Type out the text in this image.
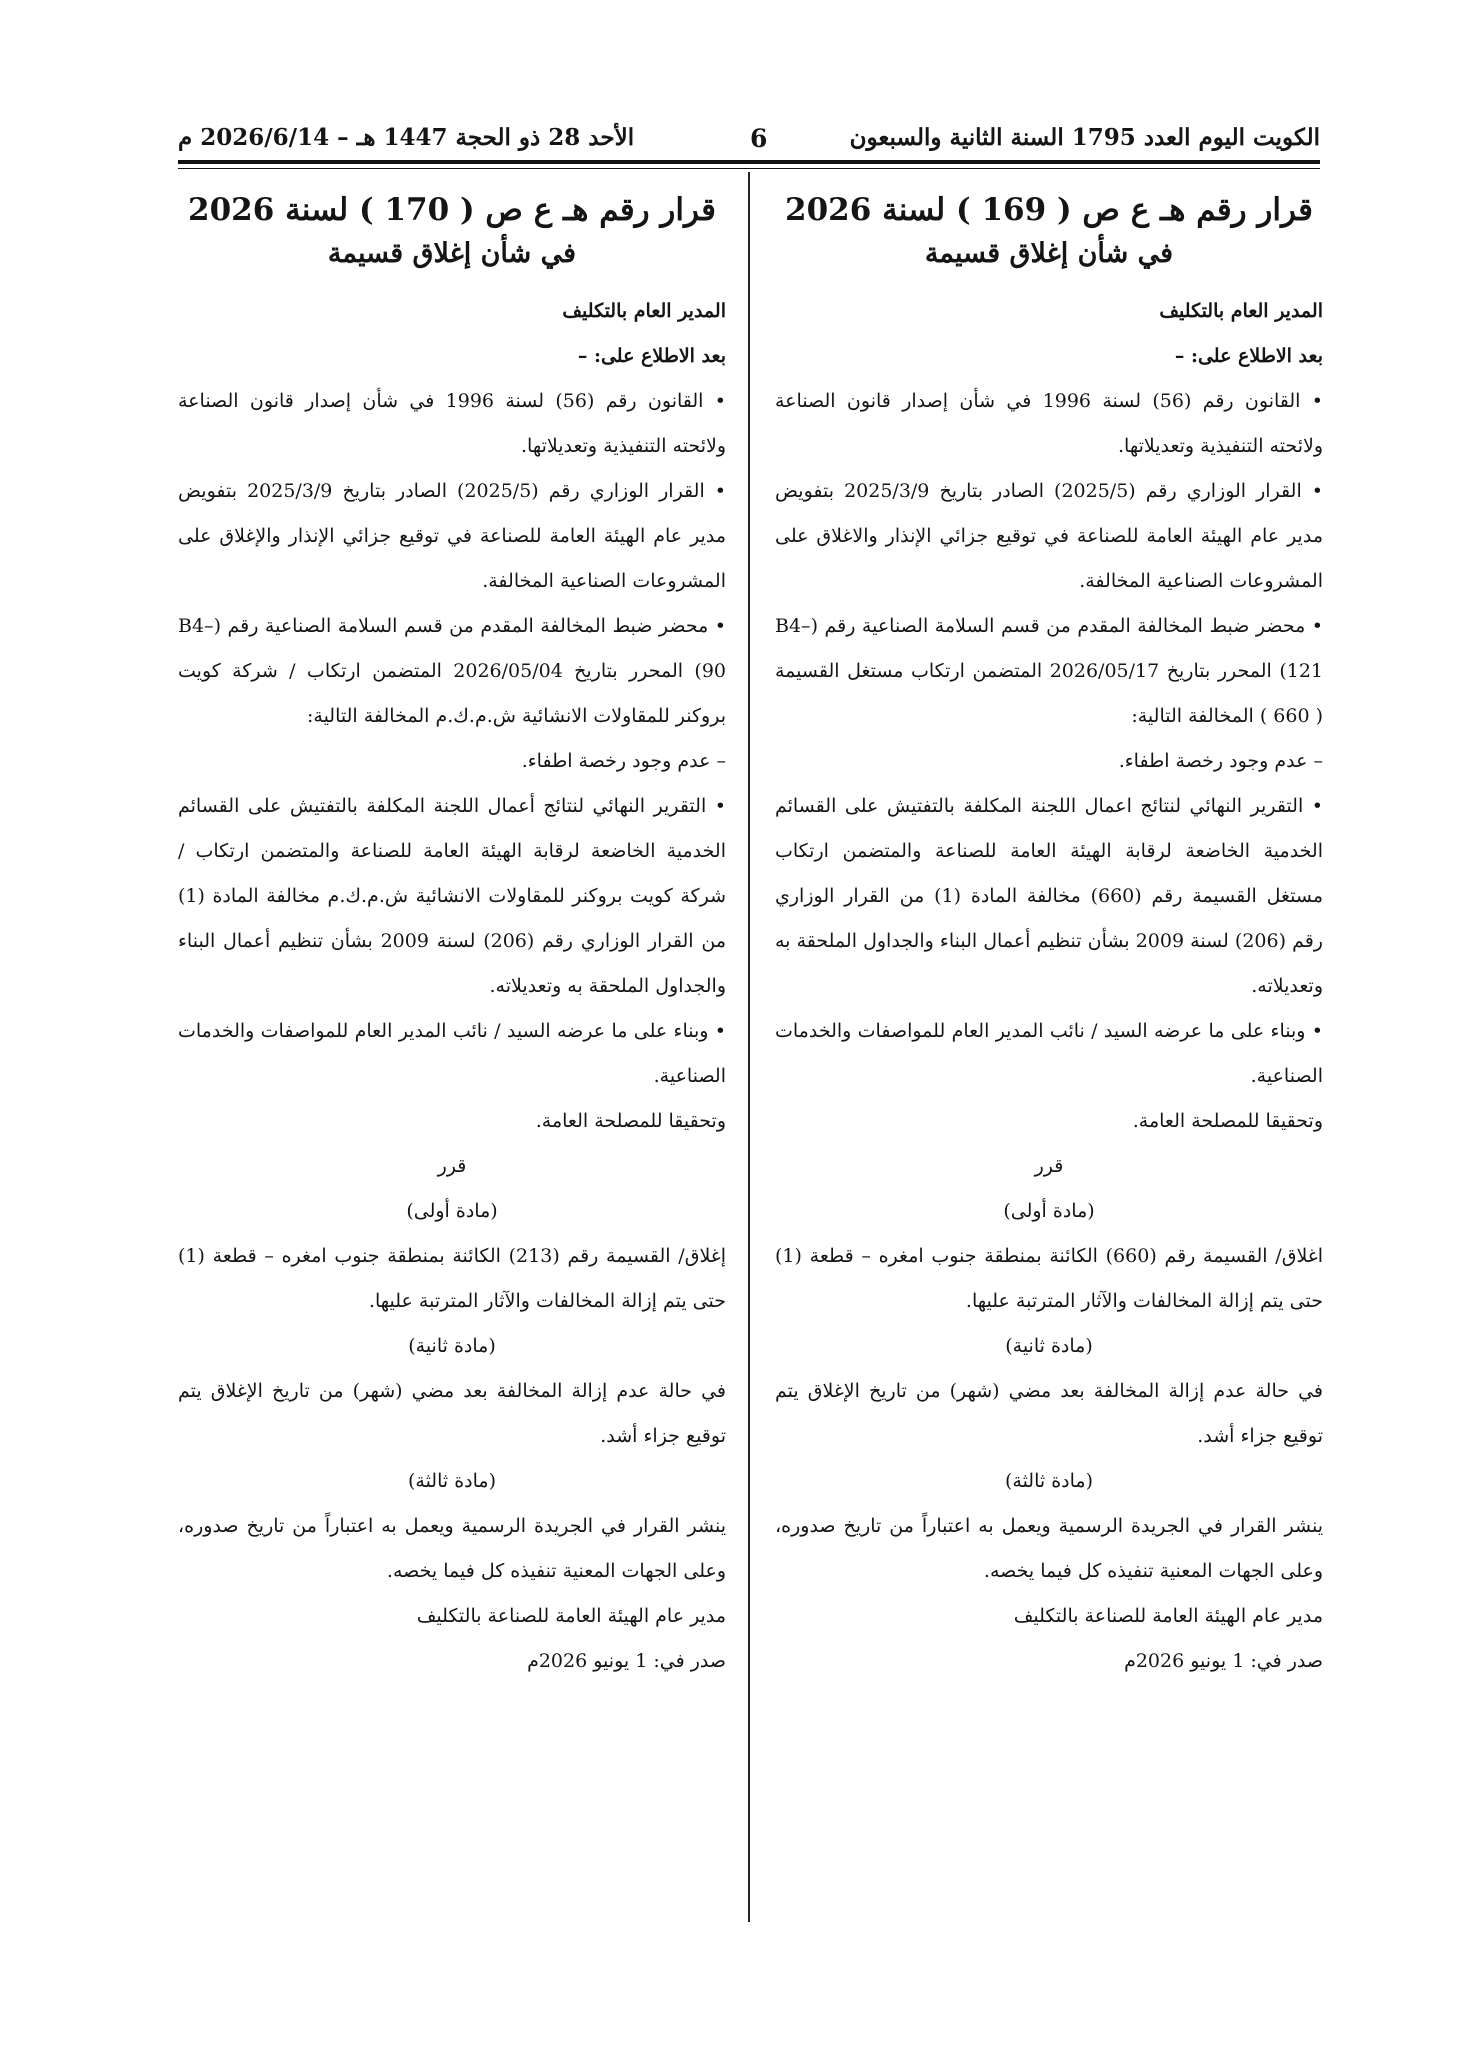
الكويت اليوم العدد 1795 السنة الثانية والسبعون
6
الأحد 28 ذو الحجة 1447 هـ – 2026/6/14 م
قرار رقم هـ ع ص ( 169 ) لسنة 2026
في شأن إغلاق قسيمة

المدير العام بالتكليف

بعد الاطلاع على: –

• القانون رقم (56) لسنة 1996 في شأن إصدار قانون الصناعة ولائحته التنفيذية وتعديلاتها.

• القرار الوزاري رقم (2025/5) الصادر بتاريخ 2025/3/9 بتفويض مدير عام الهيئة العامة للصناعة في توقيع جزائي الإنذار والاغلاق على المشروعات الصناعية المخالفة.

• محضر ضبط المخالفة المقدم من قسم السلامة الصناعية رقم (B4–121) المحرر بتاريخ 2026/05/17 المتضمن ارتكاب مستغل القسيمة ( 660 ) المخالفة التالية:

– عدم وجود رخصة اطفاء.

• التقرير النهائي لنتائج اعمال اللجنة المكلفة بالتفتيش على القسائم الخدمية الخاضعة لرقابة الهيئة العامة للصناعة والمتضمن ارتكاب مستغل القسيمة رقم (660) مخالفة المادة (1) من القرار الوزاري رقم (206) لسنة 2009 بشأن تنظيم أعمال البناء والجداول الملحقة به وتعديلاته.

• وبناء على ما عرضه السيد / نائب المدير العام للمواصفات والخدمات الصناعية.

وتحقيقا للمصلحة العامة.

قرر

(مادة أولى)

اغلاق/ القسيمة رقم (660) الكائنة بمنطقة جنوب امغره – قطعة (1) حتى يتم إزالة المخالفات والآثار المترتبة عليها.

(مادة ثانية)

في حالة عدم إزالة المخالفة بعد مضي (شهر) من تاريخ الإغلاق يتم توقيع جزاء أشد.

(مادة ثالثة)

ينشر القرار في الجريدة الرسمية ويعمل به اعتباراً من تاريخ صدوره، وعلى الجهات المعنية تنفيذه كل فيما يخصه.

مدير عام الهيئة العامة للصناعة بالتكليف

صدر في: 1 يونيو 2026م

قرار رقم هـ ع ص ( 170 ) لسنة 2026
في شأن إغلاق قسيمة

المدير العام بالتكليف

بعد الاطلاع على: –

• القانون رقم (56) لسنة 1996 في شأن إصدار قانون الصناعة ولائحته التنفيذية وتعديلاتها.

• القرار الوزاري رقم (2025/5) الصادر بتاريخ 2025/3/9 بتفويض مدير عام الهيئة العامة للصناعة في توقيع جزائي الإنذار والإغلاق على المشروعات الصناعية المخالفة.

• محضر ضبط المخالفة المقدم من قسم السلامة الصناعية رقم (B4–90) المحرر بتاريخ 2026/05/04 المتضمن ارتكاب / شركة كويت بروكنر للمقاولات الانشائية ش.م.ك.م المخالفة التالية:

– عدم وجود رخصة اطفاء.

• التقرير النهائي لنتائج أعمال اللجنة المكلفة بالتفتيش على القسائم الخدمية الخاضعة لرقابة الهيئة العامة للصناعة والمتضمن ارتكاب / شركة كويت بروكنر للمقاولات الانشائية ش.م.ك.م مخالفة المادة (1) من القرار الوزاري رقم (206) لسنة 2009 بشأن تنظيم أعمال البناء والجداول الملحقة به وتعديلاته.

• وبناء على ما عرضه السيد / نائب المدير العام للمواصفات والخدمات الصناعية.

وتحقيقا للمصلحة العامة.

قرر

(مادة أولى)

إغلاق/ القسيمة رقم (213) الكائنة بمنطقة جنوب امغره – قطعة (1) حتى يتم إزالة المخالفات والآثار المترتبة عليها.

(مادة ثانية)

في حالة عدم إزالة المخالفة بعد مضي (شهر) من تاريخ الإغلاق يتم توقيع جزاء أشد.

(مادة ثالثة)

ينشر القرار في الجريدة الرسمية ويعمل به اعتباراً من تاريخ صدوره، وعلى الجهات المعنية تنفيذه كل فيما يخصه.

مدير عام الهيئة العامة للصناعة بالتكليف

صدر في: 1 يونيو 2026م
